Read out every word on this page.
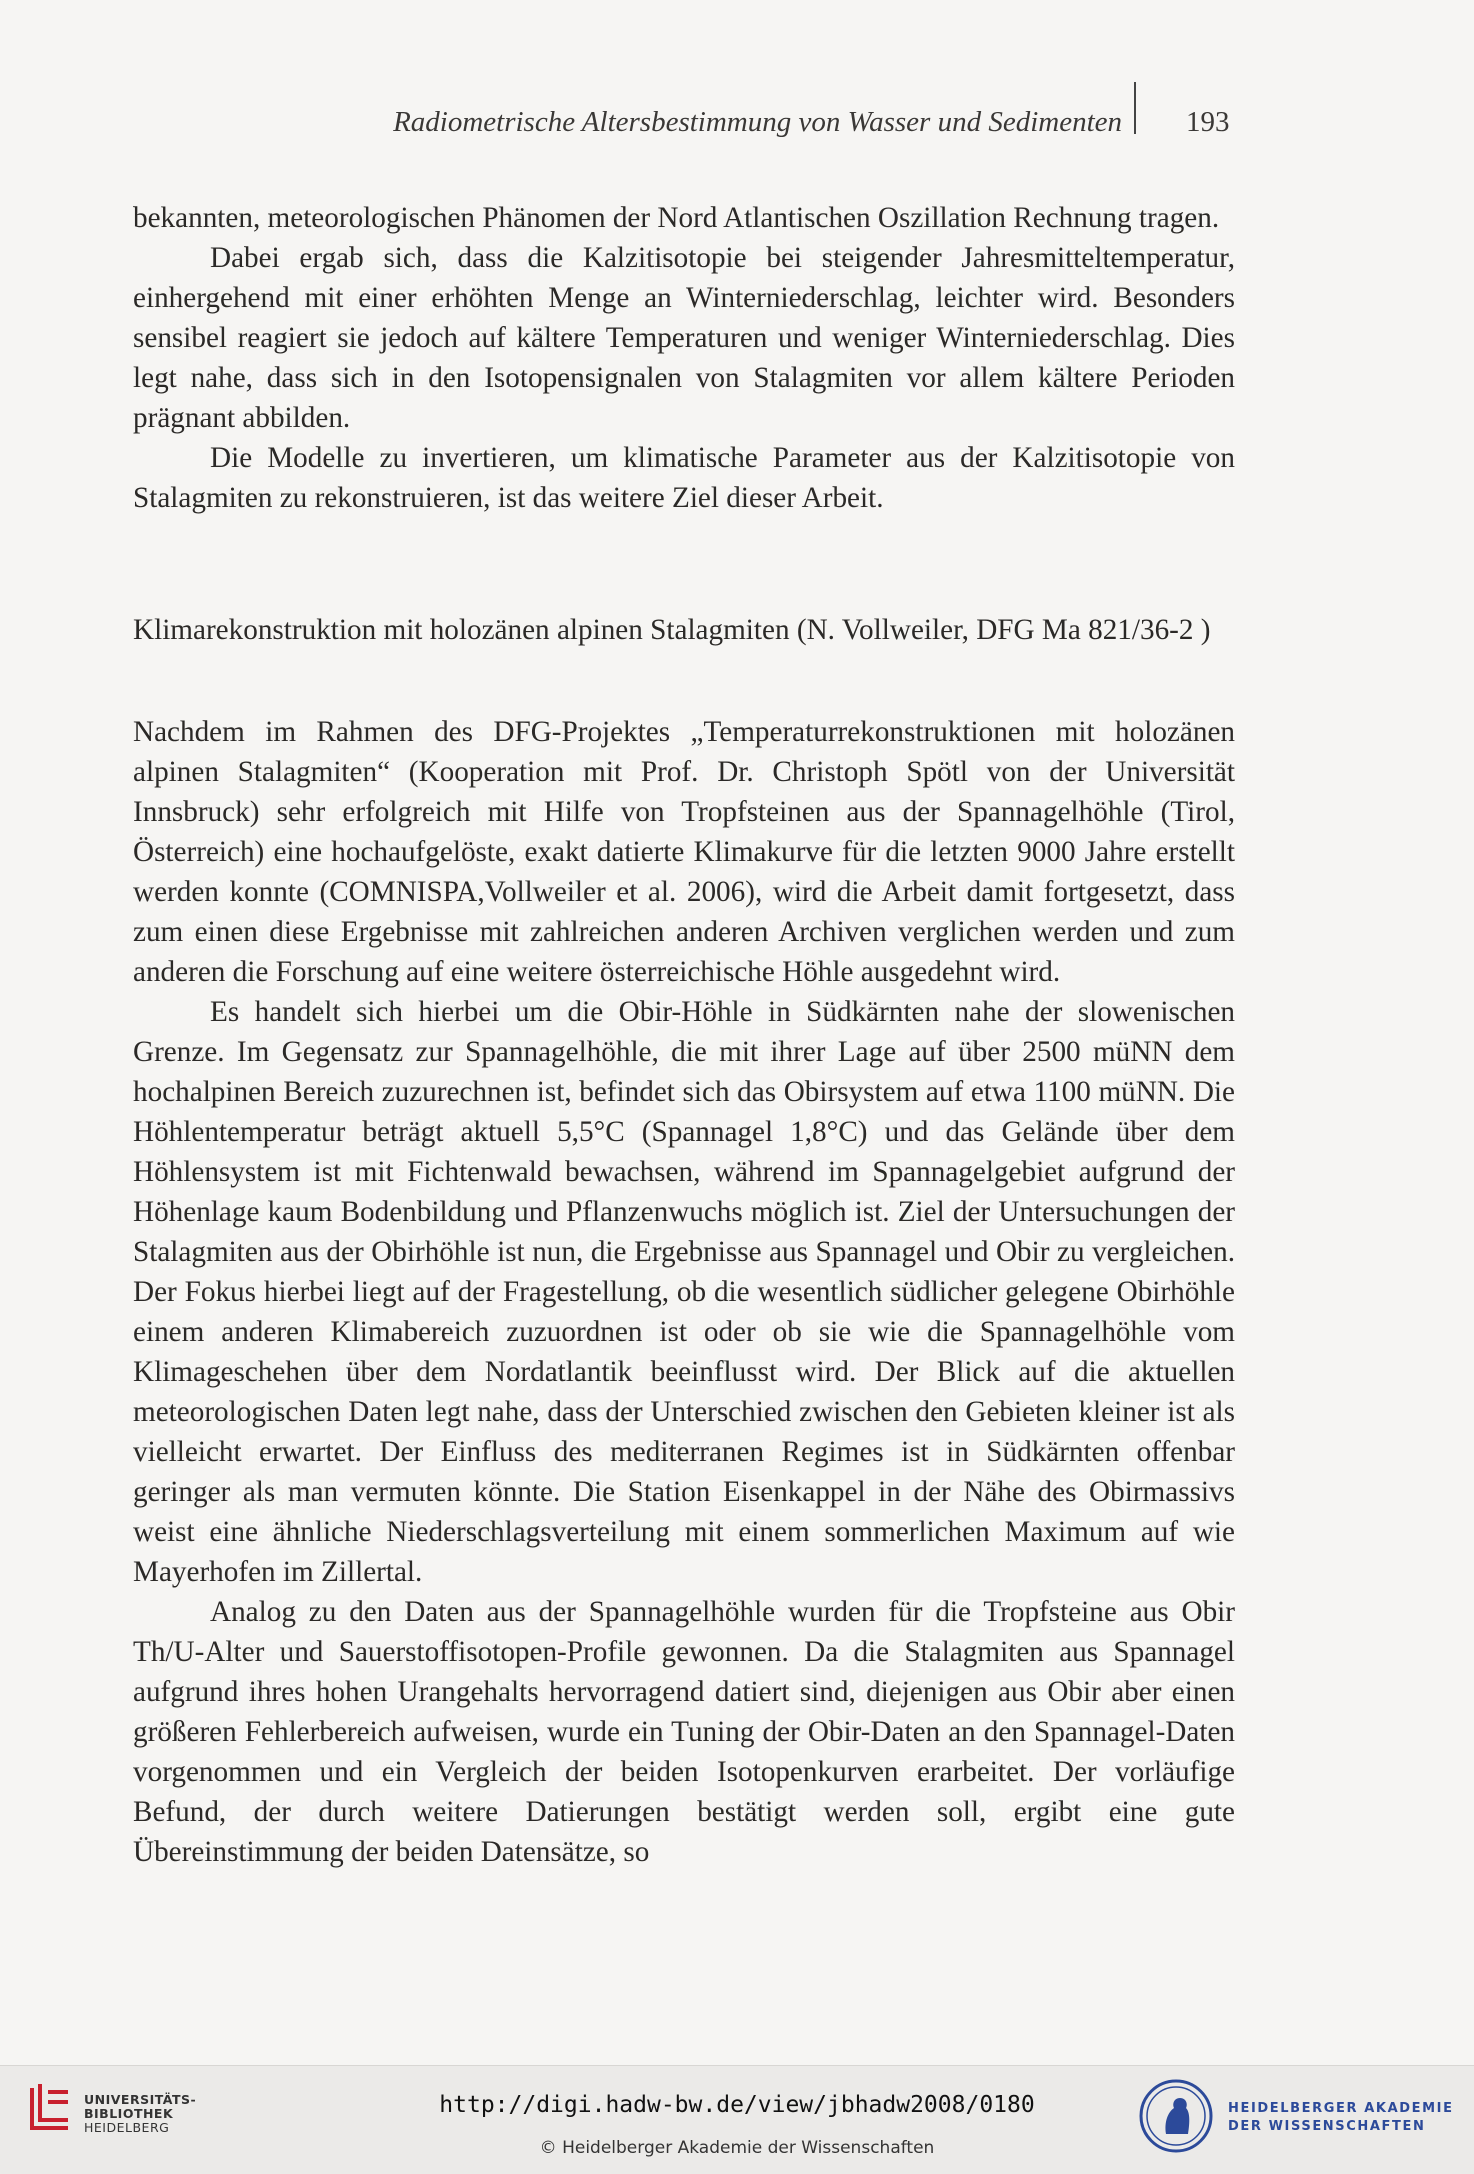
Radiometrische Altersbestimmung von Wasser und Sedimenten 193

bekannten, meteorologischen Phänomen der Nord Atlantischen Oszillation Rechnung tragen.

Dabei ergab sich, dass die Kalzitisotopie bei steigender Jahresmitteltemperatur, einhergehend mit einer erhöhten Menge an Winterniederschlag, leichter wird. Besonders sensibel reagiert sie jedoch auf kältere Temperaturen und weniger Winterniederschlag. Dies legt nahe, dass sich in den Isotopensignalen von Stalagmiten vor allem kältere Perioden prägnant abbilden.

Die Modelle zu invertieren, um klimatische Parameter aus der Kalzitisotopie von Stalagmiten zu rekonstruieren, ist das weitere Ziel dieser Arbeit.

Klimarekonstruktion mit holozänen alpinen Stalagmiten (N. Vollweiler, DFG Ma 821/36-2 )

Nachdem im Rahmen des DFG-Projektes „Temperaturrekonstruktionen mit holozänen alpinen Stalagmiten“ (Kooperation mit Prof. Dr. Christoph Spötl von der Universität Innsbruck) sehr erfolgreich mit Hilfe von Tropfsteinen aus der Spannagelhöhle (Tirol, Österreich) eine hochaufgelöste, exakt datierte Klimakurve für die letzten 9000 Jahre erstellt werden konnte (COMNISPA,Vollweiler et al. 2006), wird die Arbeit damit fortgesetzt, dass zum einen diese Ergebnisse mit zahlreichen anderen Archiven verglichen werden und zum anderen die Forschung auf eine weitere österreichische Höhle ausgedehnt wird.

Es handelt sich hierbei um die Obir-Höhle in Südkärnten nahe der slowenischen Grenze. Im Gegensatz zur Spannagelhöhle, die mit ihrer Lage auf über 2500 müNN dem hochalpinen Bereich zuzurechnen ist, befindet sich das Obirsystem auf etwa 1100 müNN. Die Höhlentemperatur beträgt aktuell 5,5°C (Spannagel 1,8°C) und das Gelände über dem Höhlensystem ist mit Fichtenwald bewachsen, während im Spannagelgebiet aufgrund der Höhenlage kaum Bodenbildung und Pflanzenwuchs möglich ist. Ziel der Untersuchungen der Stalagmiten aus der Obirhöhle ist nun, die Ergebnisse aus Spannagel und Obir zu vergleichen. Der Fokus hierbei liegt auf der Fragestellung, ob die wesentlich südlicher gelegene Obirhöhle einem anderen Klimabereich zuzuordnen ist oder ob sie wie die Spannagelhöhle vom Klimageschehen über dem Nordatlantik beeinflusst wird. Der Blick auf die aktuellen meteorologischen Daten legt nahe, dass der Unterschied zwischen den Gebieten kleiner ist als vielleicht erwartet. Der Einfluss des mediterranen Regimes ist in Südkärnten offenbar geringer als man vermuten könnte. Die Station Eisenkappel in der Nähe des Obirmassivs weist eine ähnliche Niederschlagsverteilung mit einem sommerlichen Maximum auf wie Mayerhofen im Zillertal.

Analog zu den Daten aus der Spannagelhöhle wurden für die Tropfsteine aus Obir Th/U-Alter und Sauerstoffisotopen-Profile gewonnen. Da die Stalagmiten aus Spannagel aufgrund ihres hohen Urangehalts hervorragend datiert sind, diejenigen aus Obir aber einen größeren Fehlerbereich aufweisen, wurde ein Tuning der Obir-Daten an den Spannagel-Daten vorgenommen und ein Vergleich der beiden Isotopenkurven erarbeitet. Der vorläufige Befund, der durch weitere Datierungen bestätigt werden soll, ergibt eine gute Übereinstimmung der beiden Datensätze, so

UNIVERSITÄTS-
BIBLIOTHEK
HEIDELBERG
http://digi.hadw-bw.de/view/jbhadw2008/0180
© Heidelberger Akademie der Wissenschaften
HEIDELBERGER AKADEMIE
DER WISSENSCHAFTEN
